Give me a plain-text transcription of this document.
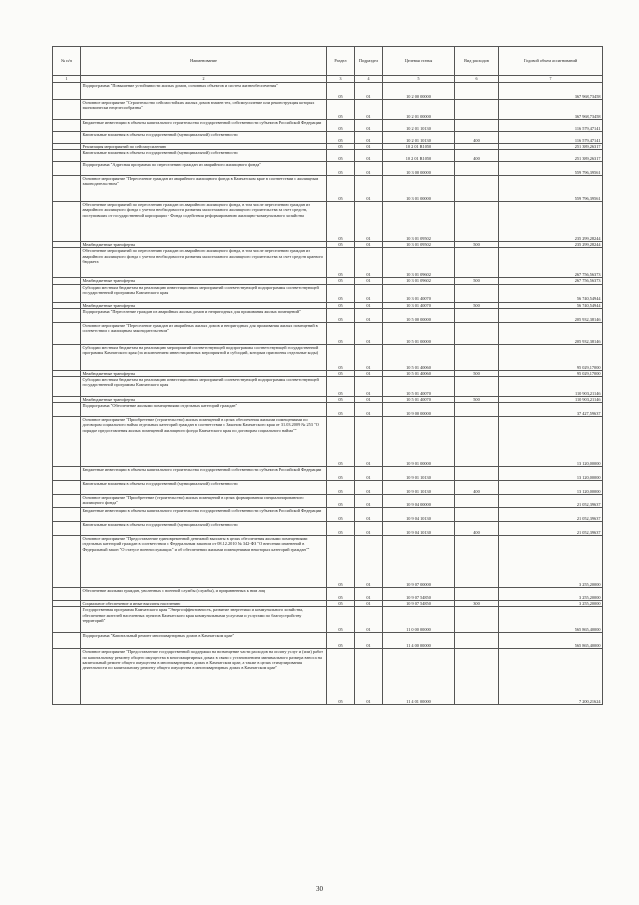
№ п/п	Наименование	Раздел	Подраздел	Целевая статья	Вид расходов	Годовой объем ассигнований
1	2	3	4	5	6	7
	Подпрограмма "Повышение устойчивости жилых домов, основных объектов и систем жизнеобеспечения"	05	01	10 2 00 00000		367 968,73458
	Основное мероприятие "Строительство сейсмостойких жилых домов взамен тех, сейсмоусиление или реконструкция которых экономически нецелесообразны"	05	01	10 2 01 00000		367 968,73458
	Бюджетные инвестиции в объекты капитального строительства государственной собственности субъектов Российской Федерации	05	01	10 2 01 10130		116 579,47141
	Капитальные вложения в объекты государственной (муниципальной) собственности	05	01	10 2 01 10130	400	116 579,47141
	Реализация мероприятий по сейсмоусилению	05	01	10 2 01 R1050		251 389,26317
	Капитальные вложения в объекты государственной (муниципальной) собственности	05	01	10 2 01 R1050	400	251 389,26317
	Подпрограмма "Адресная программа по переселению граждан из аварийного жилищного фонда"	05	01	10 3 00 00000		559 796,39561
	Основное мероприятие "Переселение граждан из аварийного жилищного фонда в Камчатском крае в соответствии с жилищным законодательством"	05	01	10 3 01 00000		559 796,39561
	Обеспечение мероприятий по переселению граждан из аварийного жилищного фонда, в том числе переселению граждан из аварийного жилищного фонда с учетом необходимости развития малоэтажного жилищного строительства за счет средств, поступивших от государственной корпорации - Фонда содействия реформированию жилищно-коммунального хозяйства	05	01	10 3 01 09502		235 299,28244
	Межбюджетные трансферты	05	01	10 3 01 09502	500	235 299,28244
	Обеспечение мероприятий по переселению граждан из аварийного жилищного фонда, в том числе переселению граждан из аварийного жилищного фонда с учетом необходимости развития малоэтажного жилищного строительства за счет средств краевого бюджета	05	01	10 3 01 09602		267 756,56373
	Межбюджетные трансферты	05	01	10 3 01 09602	500	267 756,56373
	Субсидии местным бюджетам на реализацию инвестиционных мероприятий соответствующей подпрограммы соответствующей государственной программы Камчатского края	05	01	10 3 01 40070		56 740,54944
	Межбюджетные трансферты	05	01	10 3 01 40070	500	56 740,54944
	Подпрограмма "Переселение граждан из аварийных жилых домов и непригодных для проживания жилых помещений"	05	01	10 5 00 00000		205 932,38146
	Основное мероприятие "Переселение граждан из аварийных жилых домов и непригодных для проживания жилых помещений в соответствии с жилищным законодательством"	05	01	10 5 01 00000		205 932,38146
	Субсидии местным бюджетам на реализацию мероприятий соответствующей подпрограммы соответствующей государственной программы Камчатского края (за исключением инвестиционных мероприятий и субсидий, которым присвоены отдельные коды)	05	01	10 5 01 40060		95 029,17000
	Межбюджетные трансферты	05	01	10 5 01 40060	500	95 029,17000
	Субсидии местным бюджетам на реализацию инвестиционных мероприятий соответствующей подпрограммы соответствующей государственной программы Камчатского края	05	01	10 5 01 40070		110 903,21146
	Межбюджетные трансферты	05	01	10 5 01 40070	500	110 903,21146
	Подпрограмма "Обеспечение жилыми помещениями отдельных категорий граждан"	05	01	10 9 00 00000		37 427,59637
	Основное мероприятие "Приобретение (строительство) жилых помещений в целях обеспечения жилыми помещениями по договорам социального найма отдельных категорий граждан в соответствии с Законом Камчатского края от 31.03.2009 № 253 "О порядке предоставления жилых помещений жилищного фонда Камчатского края по договорам социального найма""	05	01	10 9 01 00000		13 120,00000
	Бюджетные инвестиции в объекты капитального строительства государственной собственности субъектов Российской Федерации	05	01	10 9 01 10130		13 120,00000
	Капитальные вложения в объекты государственной (муниципальной) собственности	05	01	10 9 01 10130	400	13 120,00000
	Основное мероприятие "Приобретение (строительство) жилых помещений в целях формирования специализированного жилищного фонда"	05	01	10 9 04 00000		21 052,39637
	Бюджетные инвестиции в объекты капитального строительства государственной собственности субъектов Российской Федерации	05	01	10 9 04 10130		21 052,39637
	Капитальные вложения в объекты государственной (муниципальной) собственности	05	01	10 9 04 10130	400	21 052,39637
	Основное мероприятие "Предоставление единовременной денежной выплаты в целях обеспечения жилыми помещениями отдельных категорий граждан в соответствии с Федеральным законом от 08.12.2010 № 342-ФЗ "О внесении изменений в Федеральный закон "О статусе военнослужащих" и об обеспечении жилыми помещениями некоторых категорий граждан""	05	01	10 9 07 00000		3 255,20000
	Обеспечение жилыми граждан, уволенных с военной службы (службы), и приравненных к ним лиц	05	01	10 9 07 54850		3 255,20000
	Социальное обеспечение и иные выплаты населению	05	01	10 9 07 54850	300	3 255,20000
	Государственная программа Камчатского края "Энергоэффективность, развитие энергетики и коммунального хозяйства, обеспечение жителей населенных пунктов Камчатского края коммунальными услугами и услугами по благоустройству территорий"	05	01	11 0 00 00000		565 865,40000
	Подпрограмма "Капитальный ремонт многоквартирных домов в Камчатском крае"	05	01	11 4 00 00000		565 865,40000
	Основное мероприятие "Предоставление государственной поддержки на возмещение части расходов на оплату услуг и (или) работ по капитальному ремонту общего имущества в многоквартирных домах в связи с установлением минимального размера взноса на капитальный ремонт общего имущества в многоквартирных домах в Камчатском крае, а также в целях стимулирования деятельности по капитальному ремонту общего имущества в многоквартирных домах в Камчатском крае"	05	01	11 4 01 00000		7 200,21624
30
